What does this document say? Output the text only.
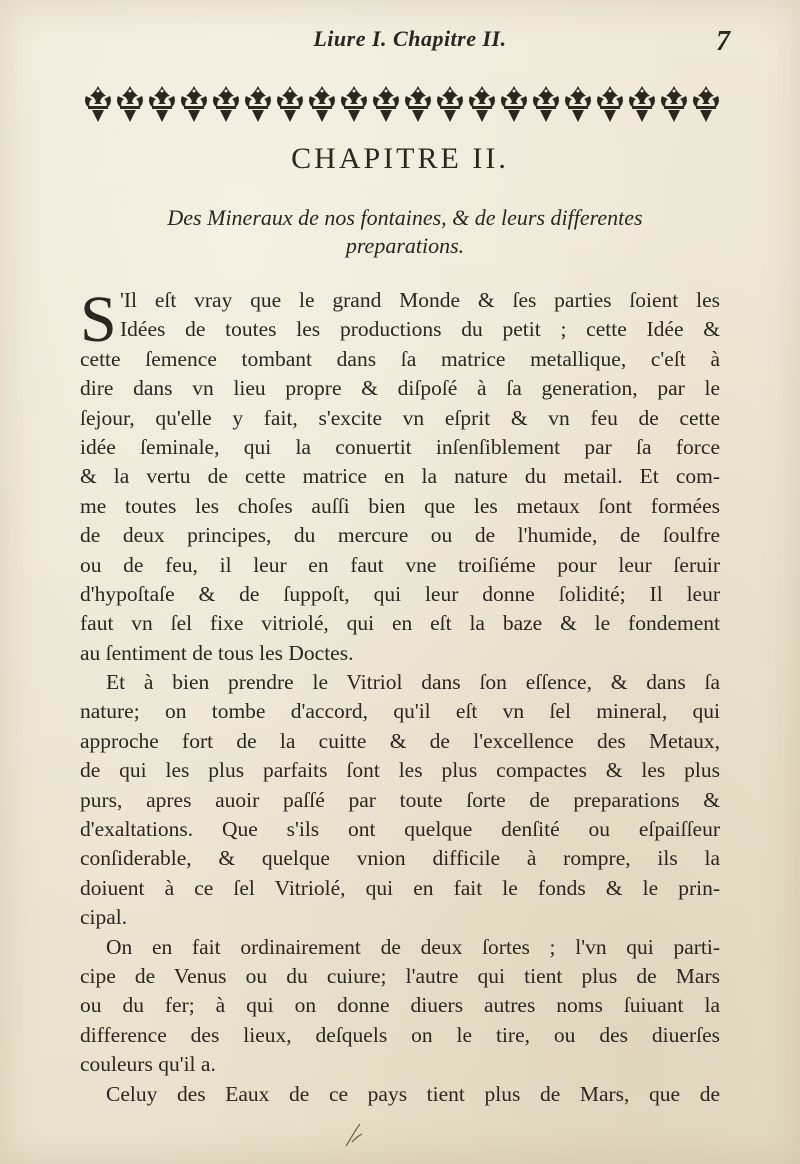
Liure I. Chapitre II.	7
CHAPITRE II.
Des Mineraux de nos fontaines, & de leurs differentes
preparations.
S 'Il eſt vray que le grand Monde & ſes parties ſoient les
Idées de toutes les productions du petit ; cette Idée &
cette ſemence tombant dans ſa matrice metallique, c'eſt à
dire dans vn lieu propre & diſpoſé à ſa generation, par le
ſejour, qu'elle y fait, s'excite vn eſprit & vn feu de cette
idée ſeminale, qui la conuertit inſenſiblement par ſa force
& la vertu de cette matrice en la nature du metail. Et com-
me toutes les choſes auſſi bien que les metaux ſont formées
de deux principes, du mercure ou de l'humide, de ſoulfre
ou de feu, il leur en faut vne troiſiéme pour leur ſeruir
d'hypoſtaſe & de ſuppoſt, qui leur donne ſolidité; Il leur
faut vn ſel fixe vitriolé, qui en eſt la baze & le fondement
au ſentiment de tous les Doctes.
Et à bien prendre le Vitriol dans ſon eſſence, & dans ſa
nature; on tombe d'accord, qu'il eſt vn ſel mineral, qui
approche fort de la cuitte & de l'excellence des Metaux,
de qui les plus parfaits ſont les plus compactes & les plus
purs, apres auoir paſſé par toute ſorte de preparations &
d'exaltations. Que s'ils ont quelque denſité ou eſpaiſſeur
conſiderable, & quelque vnion difficile à rompre, ils la
doiuent à ce ſel Vitriolé, qui en fait le fonds & le prin-
cipal.
On en fait ordinairement de deux ſortes ; l'vn qui parti-
cipe de Venus ou du cuiure; l'autre qui tient plus de Mars
ou du fer; à qui on donne diuers autres noms ſuiuant la
difference des lieux, deſquels on le tire, ou des diuerſes
couleurs qu'il a.
Celuy des Eaux de ce pays tient plus de Mars, que de
